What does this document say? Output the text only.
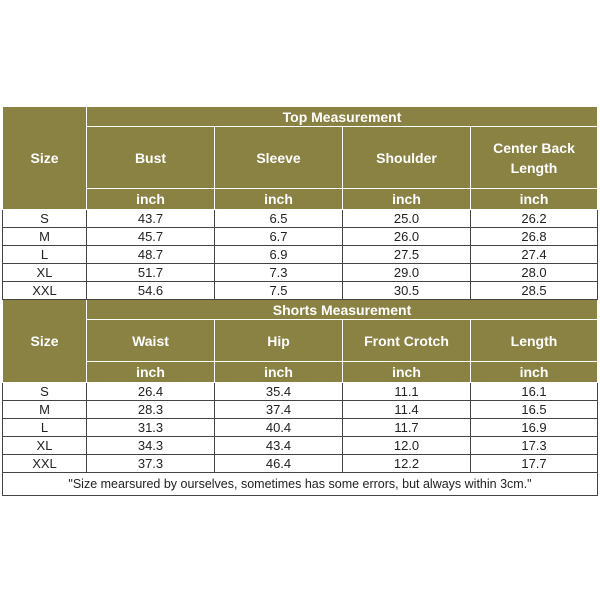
Size	Top Measurement			
	Bust	Sleeve	Shoulder	Center Back Length
	inch	inch	inch	inch
S	43.7	6.5	25.0	26.2
M	45.7	6.7	26.0	26.8
L	48.7	6.9	27.5	27.4
XL	51.7	7.3	29.0	28.0
XXL	54.6	7.5	30.5	28.5
Size	Shorts Measurement			
	Waist	Hip	Front Crotch	Length
	inch	inch	inch	inch
S	26.4	35.4	11.1	16.1
M	28.3	37.4	11.4	16.5
L	31.3	40.4	11.7	16.9
XL	34.3	43.4	12.0	17.3
XXL	37.3	46.4	12.2	17.7
"Size mearsured by ourselves, sometimes has some errors, but always within 3cm."				
